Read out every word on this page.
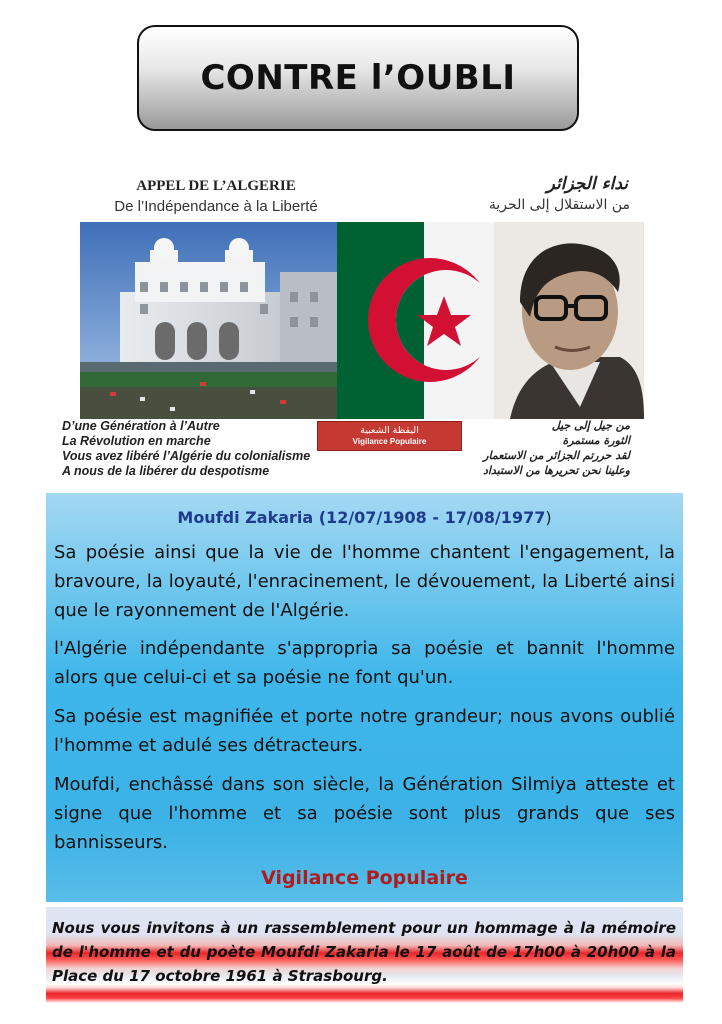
CONTRE l’OUBLI
APPEL DE L’ALGERIE
De l’Indépendance à la Liberté
نداء الجزائر
من الاستقلال إلى الحرية
D’une Génération à l’Autre
La Révolution en marche
Vous avez libéré l’Algérie du colonialisme
A nous de la libérer du despotisme
من جيل إلى جيل
الثورة مستمرة
لقد حررتم الجزائر من الاستعمار
وعلينا نحن تحريرها من الاستبداد
اليقظة الشعبية
Vigilance Populaire
Moufdi Zakaria (12/07/1908 - 17/08/1977)

Sa poésie ainsi que la vie de l'homme chantent l'engagement, la bravoure, la loyauté, l'enracinement, le dévouement, la Liberté ainsi que le rayonnement de l'Algérie.

l'Algérie indépendante s'appropria sa poésie et bannit l'homme alors que celui-ci et sa poésie ne font qu'un.

Sa poésie est magnifiée et porte notre grandeur; nous avons oublié l'homme et adulé ses détracteurs.

Moufdi, enchâssé dans son siècle, la Génération Silmiya atteste et signe que l'homme et sa poésie sont plus grands que ses bannisseurs.

Vigilance Populaire

Nous vous invitons à un rassemblement pour un hommage à la mémoire de l'homme et du poète Moufdi Zakaria le 17 août de 17h00 à 20h00 à la Place du 17 octobre 1961 à Strasbourg.
